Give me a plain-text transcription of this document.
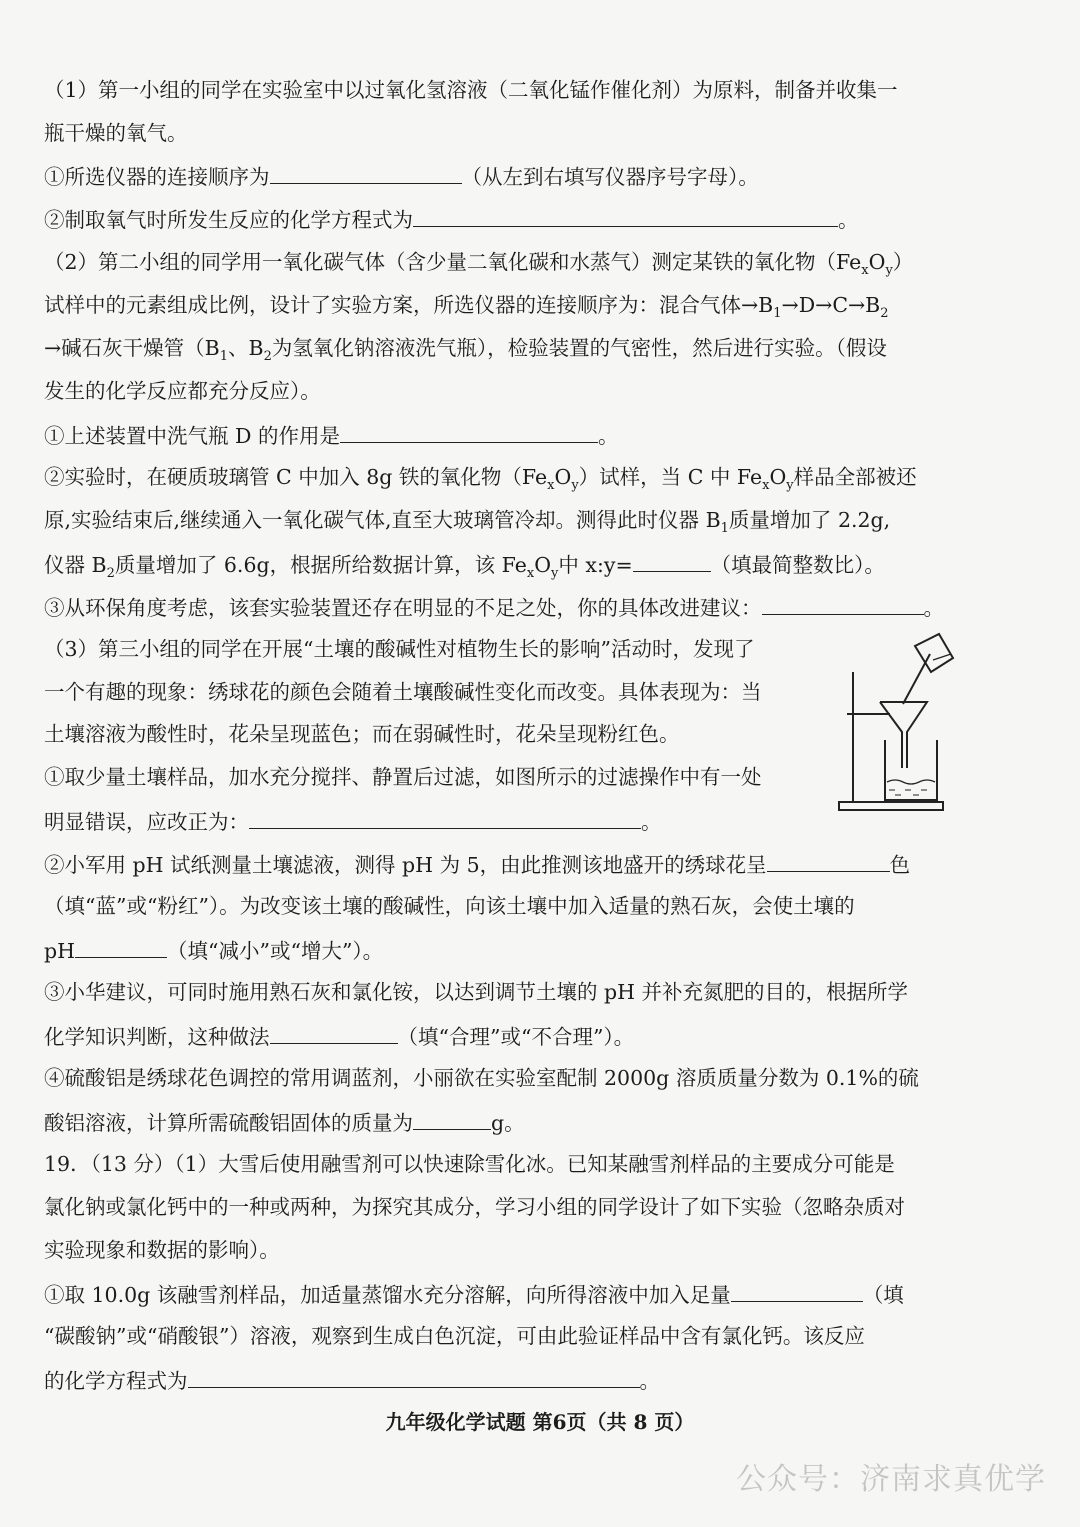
（1）第一小组的同学在实验室中以过氧化氢溶液（二氧化锰作催化剂）为原料，制备并收集一
瓶干燥的氧气。
①所选仪器的连接顺序为	（从左到右填写仪器序号字母）。
②制取氧气时所发生反应的化学方程式为	。
（2）第二小组的同学用一氧化碳气体（含少量二氧化碳和水蒸气）测定某铁的氧化物$(Fe_xO_y)$
试样中的元素组成比例，设计了实验方案，所选仪器的连接顺序为：混合气体$\to B_1\to D\to C\to B_2$
→碱石灰干燥管（$B_1$、$B_2$为氢氧化钠溶液洗气瓶），检验装置的气密性，然后进行实验。（假设
发生的化学反应都充分反应）。
①上述装置中洗气瓶 D 的作用是	。
②实验时，在硬质玻璃管 C 中加入 8g 铁的氧化物$(Fe_xO_y)$试样，当 C 中 $Fe_xO_y$样品全部被还
原,实验结束后,继续通入一氧化碳气体,直至大玻璃管冷却。测得此时仪器 $B_1$质量增加了 2.2g,
仪器 $B_2$质量增加了 6.6g，根据所给数据计算，该 $Fe_xO_y$中 x:y=	（填最简整数比）。
③从环保角度考虑，该套实验装置还存在明显的不足之处，你的具体改进建议：	。
（3）第三小组的同学在开展“土壤的酸碱性对植物生长的影响”活动时，发现了
一个有趣的现象：绣球花的颜色会随着土壤酸碱性变化而改变。具体表现为：当
土壤溶液为酸性时，花朵呈现蓝色；而在弱碱性时，花朵呈现粉红色。
①取少量土壤样品，加水充分搅拌、静置后过滤，如图所示的过滤操作中有一处
明显错误，应改正为：	。
②小军用 pH 试纸测量土壤滤液，测得 pH 为 5，由此推测该地盛开的绣球花呈	色
（填“蓝”或“粉红”）。为改变该土壤的酸碱性，向该土壤中加入适量的熟石灰，会使土壤的
pH	（填“减小”或“增大”）。
③小华建议，可同时施用熟石灰和氯化铵，以达到调节土壤的 pH 并补充氮肥的目的，根据所学
化学知识判断，这种做法	（填“合理”或“不合理”）。
④硫酸铝是绣球花色调控的常用调蓝剂，小丽欲在实验室配制 2000g 溶质质量分数为 0.1%的硫
酸铝溶液，计算所需硫酸铝固体的质量为	g。
19．（13 分）（1）大雪后使用融雪剂可以快速除雪化冰。已知某融雪剂样品的主要成分可能是
氯化钠或氯化钙中的一种或两种，为探究其成分，学习小组的同学设计了如下实验（忽略杂质对
实验现象和数据的影响）。
①取 10.0g 该融雪剂样品，加适量蒸馏水充分溶解，向所得溶液中加入足量	（填
“碳酸钠”或“硝酸银”）溶液，观察到生成白色沉淀，可由此验证样品中含有氯化钙。该反应
的化学方程式为	。
九年级化学试题 第6页（共 8 页）
公众号：济南求真优学
